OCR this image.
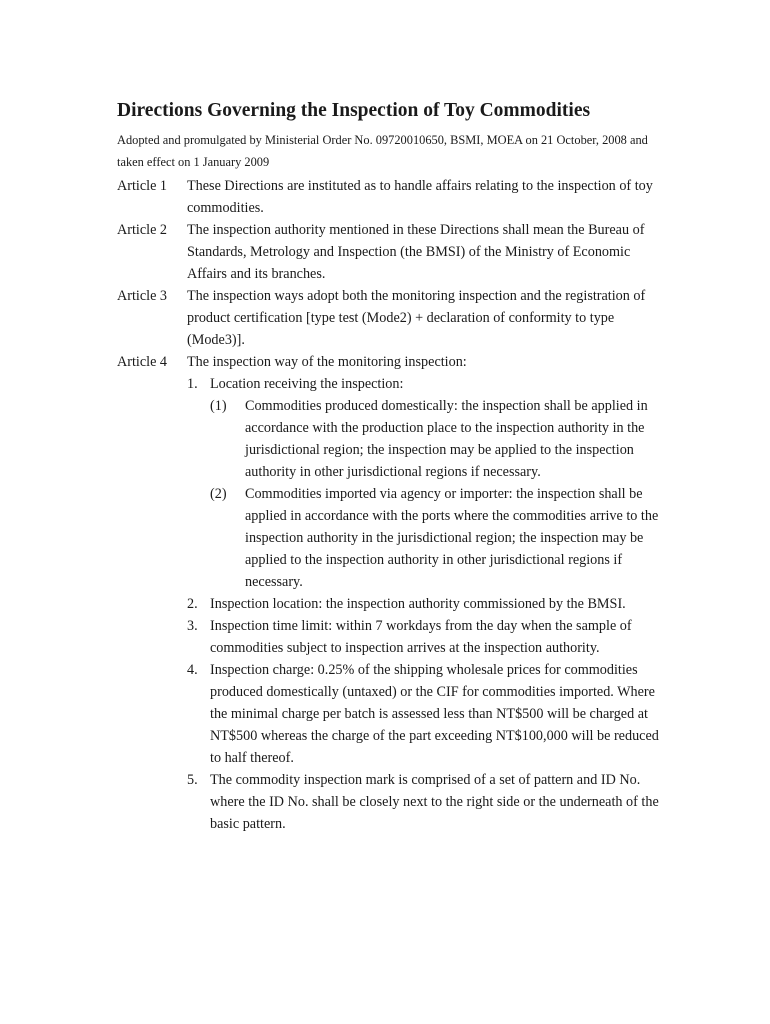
Directions Governing the Inspection of Toy Commodities
Adopted and promulgated by Ministerial Order No. 09720010650, BSMI, MOEA on 21 October, 2008 and taken effect on 1 January 2009
Article 1	These Directions are instituted as to handle affairs relating to the inspection of toy commodities.
Article 2	The inspection authority mentioned in these Directions shall mean the Bureau of Standards, Metrology and Inspection (the BMSI) of the Ministry of Economic Affairs and its branches.
Article 3	The inspection ways adopt both the monitoring inspection and the registration of product certification [type test (Mode2) + declaration of conformity to type (Mode3)].
Article 4	The inspection way of the monitoring inspection:
1. Location receiving the inspection:
(1)	Commodities produced domestically: the inspection shall be applied in accordance with the production place to the inspection authority in the jurisdictional region; the inspection may be applied to the inspection authority in other jurisdictional regions if necessary.
(2)	Commodities imported via agency or importer: the inspection shall be applied in accordance with the ports where the commodities arrive to the inspection authority in the jurisdictional region; the inspection may be applied to the inspection authority in other jurisdictional regions if necessary.
2. Inspection location: the inspection authority commissioned by the BMSI.
3. Inspection time limit: within 7 workdays from the day when the sample of commodities subject to inspection arrives at the inspection authority.
4. Inspection charge: 0.25% of the shipping wholesale prices for commodities produced domestically (untaxed) or the CIF for commodities imported. Where the minimal charge per batch is assessed less than NT$500 will be charged at NT$500 whereas the charge of the part exceeding NT$100,000 will be reduced to half thereof.
5. The commodity inspection mark is comprised of a set of pattern and ID No. where the ID No. shall be closely next to the right side or the underneath of the basic pattern.
